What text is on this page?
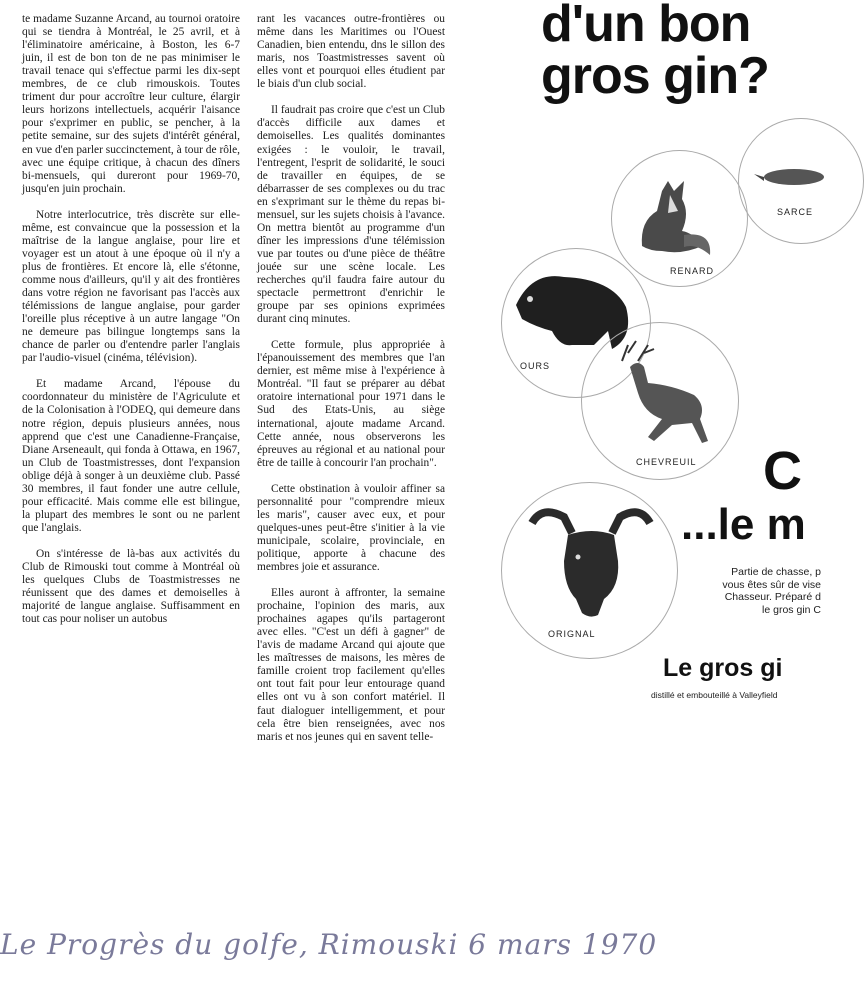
te madame Suzanne Arcand, au tournoi oratoire qui se tiendra à Montréal, le 25 avril, et à l'éliminatoire américaine, à Boston, les 6-7 juin, il est de bon ton de ne pas minimiser le travail tenace qui s'effectue parmi les dix-sept membres, de ce club rimouskois. Toutes triment dur pour accroître leur culture, élargir leurs horizons intellectuels, acquérir l'aisance pour s'exprimer en public, se pencher, à la petite semaine, sur des sujets d'intérêt général, en vue d'en parler succinctement, à tour de rôle, avec une équipe critique, à chacun des dîners bi-mensuels, qui dureront pour 1969-70, jusqu'en juin prochain.

Notre interlocutrice, très discrète sur elle-même, est convaincue que la possession et la maîtrise de la langue anglaise, pour lire et voyager est un atout à une époque où il n'y a plus de frontières. Et encore là, elle s'étonne, comme nous d'ailleurs, qu'il y ait des frontières dans votre région ne favorisant pas l'accès aux télémissions de langue anglaise, pour garder l'oreille plus réceptive à un autre langage "On ne demeure pas bilingue longtemps sans la chance de parler ou d'entendre parler l'anglais par l'audio-visuel (cinéma, télévision).

Et madame Arcand, l'épouse du coordonnateur du ministère de l'Agriculute et de la Colonisation à l'ODEQ, qui demeure dans notre région, depuis plusieurs années, nous apprend que c'est une Canadienne-Française, Diane Arseneault, qui fonda à Ottawa, en 1967, un Club de Toastmistresses, dont l'expansion oblige déjà à songer à un deuxième club. Passé 30 membres, il faut fonder une autre cellule, pour efficacité. Mais comme elle est bilingue, la plupart des membres le sont ou ne parlent que l'anglais.

On s'intéresse de là-bas aux activités du Club de Rimouski tout comme à Montréal où les quelques Clubs de Toastmistresses ne réunissent que des dames et demoiselles à majorité de langue anglaise. Suffisamment en tout cas pour noliser un autobus

rant les vacances outre-frontières ou même dans les Maritimes ou l'Ouest Canadien, bien entendu, dns le sillon des maris, nos Toastmistresses savent où elles vont et pourquoi elles étudient par le biais d'un club social.

Il faudrait pas croire que c'est un Club d'accès difficile aux dames et demoiselles. Les qualités dominantes exigées : le vouloir, le travail, l'entregent, l'esprit de solidarité, le souci de travailler en équipes, de se débarrasser de ses complexes ou du trac en s'exprimant sur le thème du repas bi-mensuel, sur les sujets choisis à l'avance. On mettra bientôt au programme d'un dîner les impressions d'une télémission vue par toutes ou d'une pièce de théâtre jouée sur une scène locale. Les recherches qu'il faudra faire autour du spectacle permettront d'enrichir le groupe par ses opinions exprimées durant cinq minutes.

Cette formule, plus appropriée à l'épanouissement des membres que l'an dernier, est même mise à l'expérience à Montréal. "Il faut se préparer au débat oratoire international pour 1971 dans le Sud des Etats-Unis, au siège international, ajoute madame Arcand. Cette année, nous observerons les épreuves au régional et au national pour être de taille à concourir l'an prochain".

Cette obstination à vouloir affiner sa personnalité pour "comprendre mieux les maris", causer avec eux, et pour quelques-unes peut-être s'initier à la vie municipale, scolaire, provinciale, en politique, apporte à chacune des membres joie et assurance.

Elles auront à affronter, la semaine prochaine, l'opinion des maris, aux prochaines agapes qu'ils partageront avec elles. "C'est un défi à gagner" de l'avis de madame Arcand qui ajoute que les maîtresses de maisons, les mères de famille croient trop facilement qu'elles ont tout fait pour leur entourage quand elles ont vu à son confort matériel. Il faut dialoguer intelligemment, et pour cela être bien renseignées, avec nos maris et nos jeunes qui en savent telle-

d'un bon
gros gin?
SARCE
RENARD
OURS
CHEVREUIL
ORIGNAL
C
...le m
Partie de chasse, p
vous êtes sûr de vise
Chasseur. Préparé d
le gros gin C
Le gros gi
distillé et embouteillé à Valleyfield
Le Progrès du golfe, Rimouski 6 mars 1970
